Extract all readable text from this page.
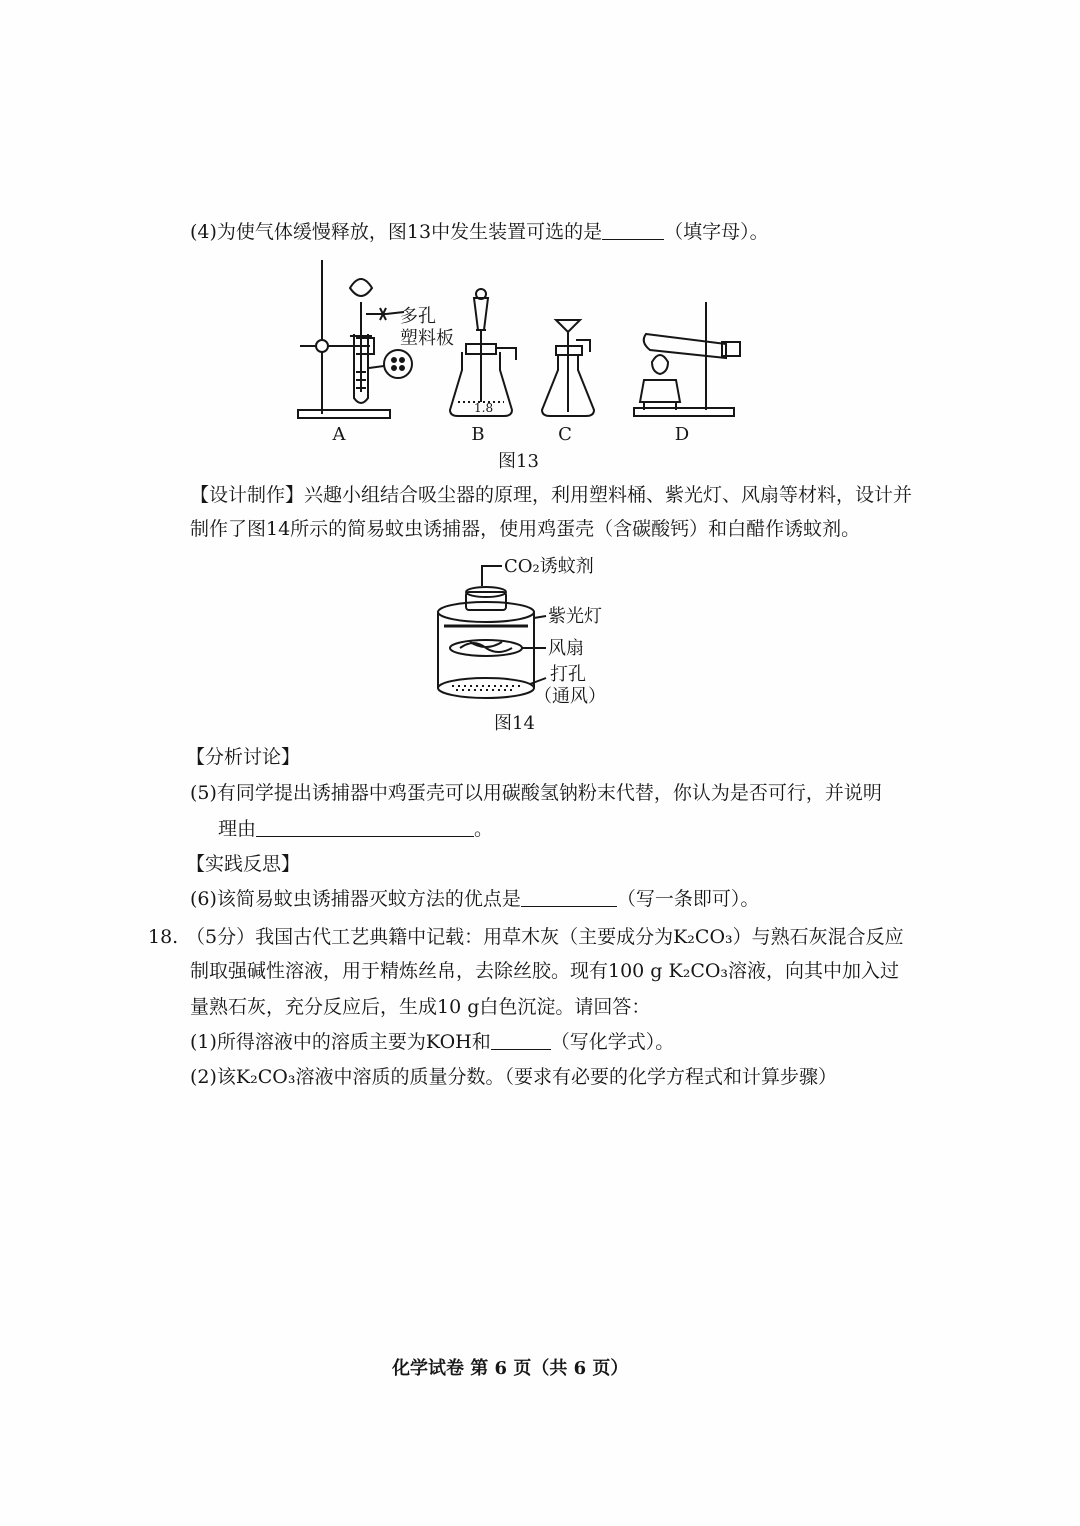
(4)为使气体缓慢释放，图13中发生装置可选的是	（填字母）。
多孔
塑料板
1.8
A	B	C	D
图13
【设计制作】兴趣小组结合吸尘器的原理，利用塑料桶、紫光灯、风扇等材料，设计并
制作了图14所示的简易蚊虫诱捕器，使用鸡蛋壳（含碳酸钙）和白醋作诱蚊剂。
CO₂诱蚊剂
紫光灯
风扇
打孔
（通风）
图14
【分析讨论】
(5)有同学提出诱捕器中鸡蛋壳可以用碳酸氢钠粉末代替，你认为是否可行，并说明
理由	。
【实践反思】
(6)该简易蚊虫诱捕器灭蚊方法的优点是	（写一条即可）。
18. （5分）我国古代工艺典籍中记载：用草木灰（主要成分为K₂CO₃）与熟石灰混合反应
制取强碱性溶液，用于精炼丝帛，去除丝胶。现有100 g K₂CO₃溶液，向其中加入过
量熟石灰，充分反应后，生成10 g白色沉淀。请回答：
(1)所得溶液中的溶质主要为KOH和	（写化学式）。
(2)该K₂CO₃溶液中溶质的质量分数。（要求有必要的化学方程式和计算步骤）
化学试卷 第 6 页（共 6 页）
